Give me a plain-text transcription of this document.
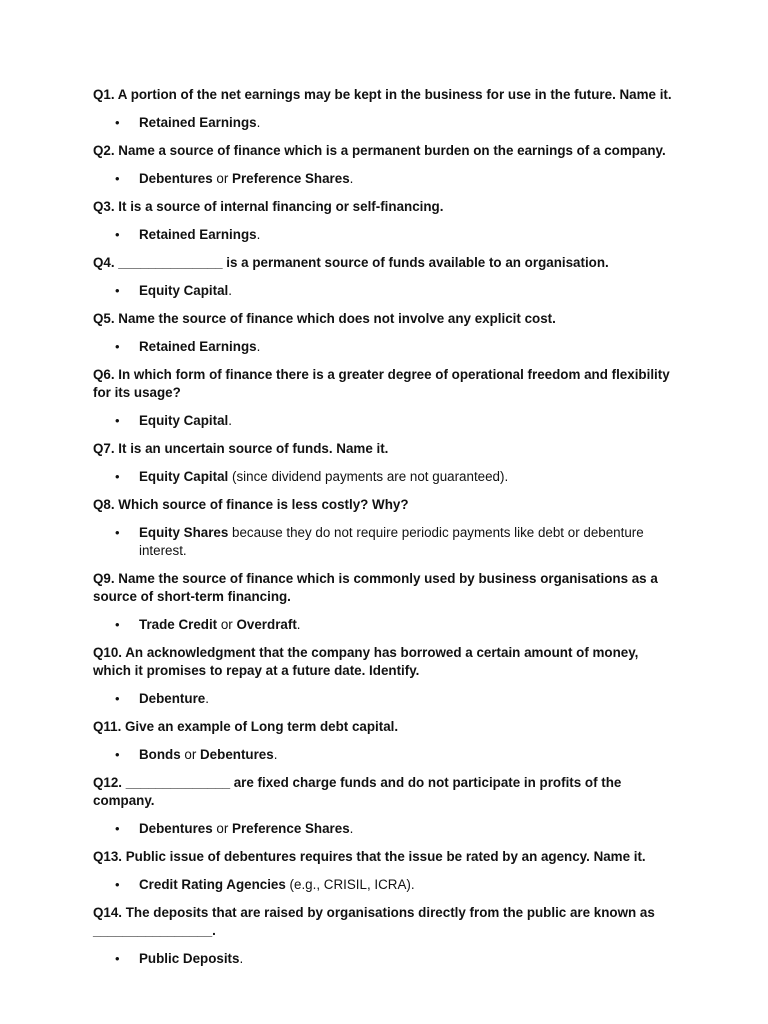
Q1. A portion of the net earnings may be kept in the business for use in the future. Name it.

• Retained Earnings.

Q2. Name a source of finance which is a permanent burden on the earnings of a company.

• Debentures or Preference Shares.

Q3. It is a source of internal financing or self-financing.

• Retained Earnings.

Q4. ______________ is a permanent source of funds available to an organisation.

• Equity Capital.

Q5. Name the source of finance which does not involve any explicit cost.

• Retained Earnings.

Q6. In which form of finance there is a greater degree of operational freedom and flexibility for its usage?

• Equity Capital.

Q7. It is an uncertain source of funds. Name it.

• Equity Capital (since dividend payments are not guaranteed).

Q8. Which source of finance is less costly? Why?

• Equity Shares because they do not require periodic payments like debt or debenture interest.

Q9. Name the source of finance which is commonly used by business organisations as a source of short-term financing.

• Trade Credit or Overdraft.

Q10. An acknowledgment that the company has borrowed a certain amount of money, which it promises to repay at a future date. Identify.

• Debenture.

Q11. Give an example of Long term debt capital.

• Bonds or Debentures.

Q12. ______________ are fixed charge funds and do not participate in profits of the company.

• Debentures or Preference Shares.

Q13. Public issue of debentures requires that the issue be rated by an agency. Name it.

• Credit Rating Agencies (e.g., CRISIL, ICRA).

Q14. The deposits that are raised by organisations directly from the public are known as ________________.

• Public Deposits.
